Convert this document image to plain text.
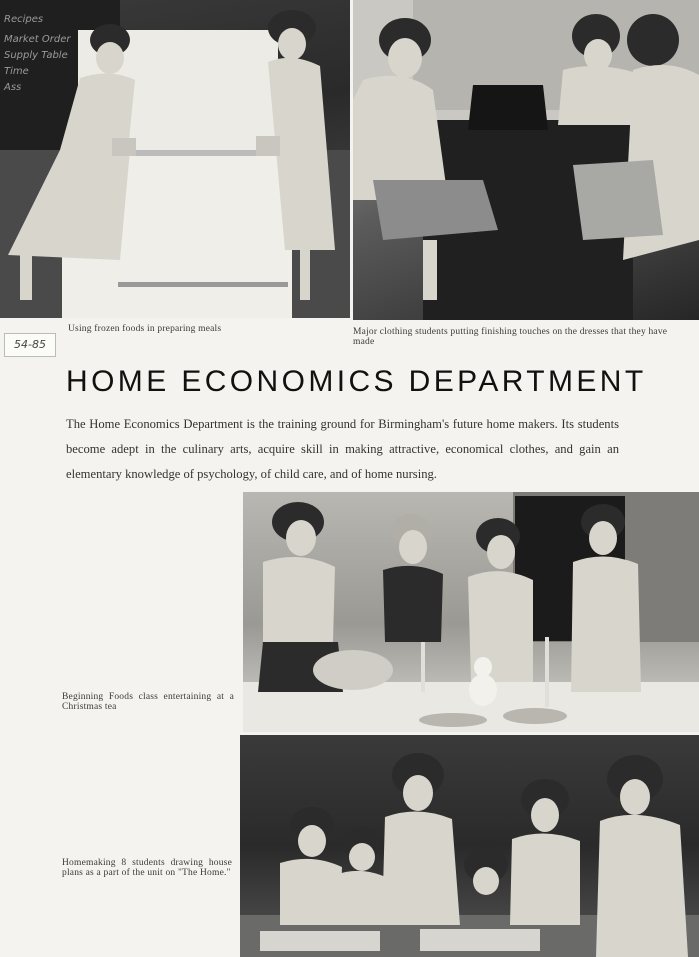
Recipes
Market Order
Supply Table
Time
Ass
Using frozen foods in preparing meals	Major clothing students putting finishing touches on the dresses that they have made
54-85
HOME ECONOMICS DEPARTMENT
The Home Economics Department is the training ground for Birmingham's future home makers. Its students become adept in the culinary arts, acquire skill in making attractive, economical clothes, and gain an elementary knowledge of psychology, of child care, and of home nursing.
Beginning Foods class entertaining at a Christmas tea
Homemaking 8 students drawing house plans as a part of the unit on "The Home."
